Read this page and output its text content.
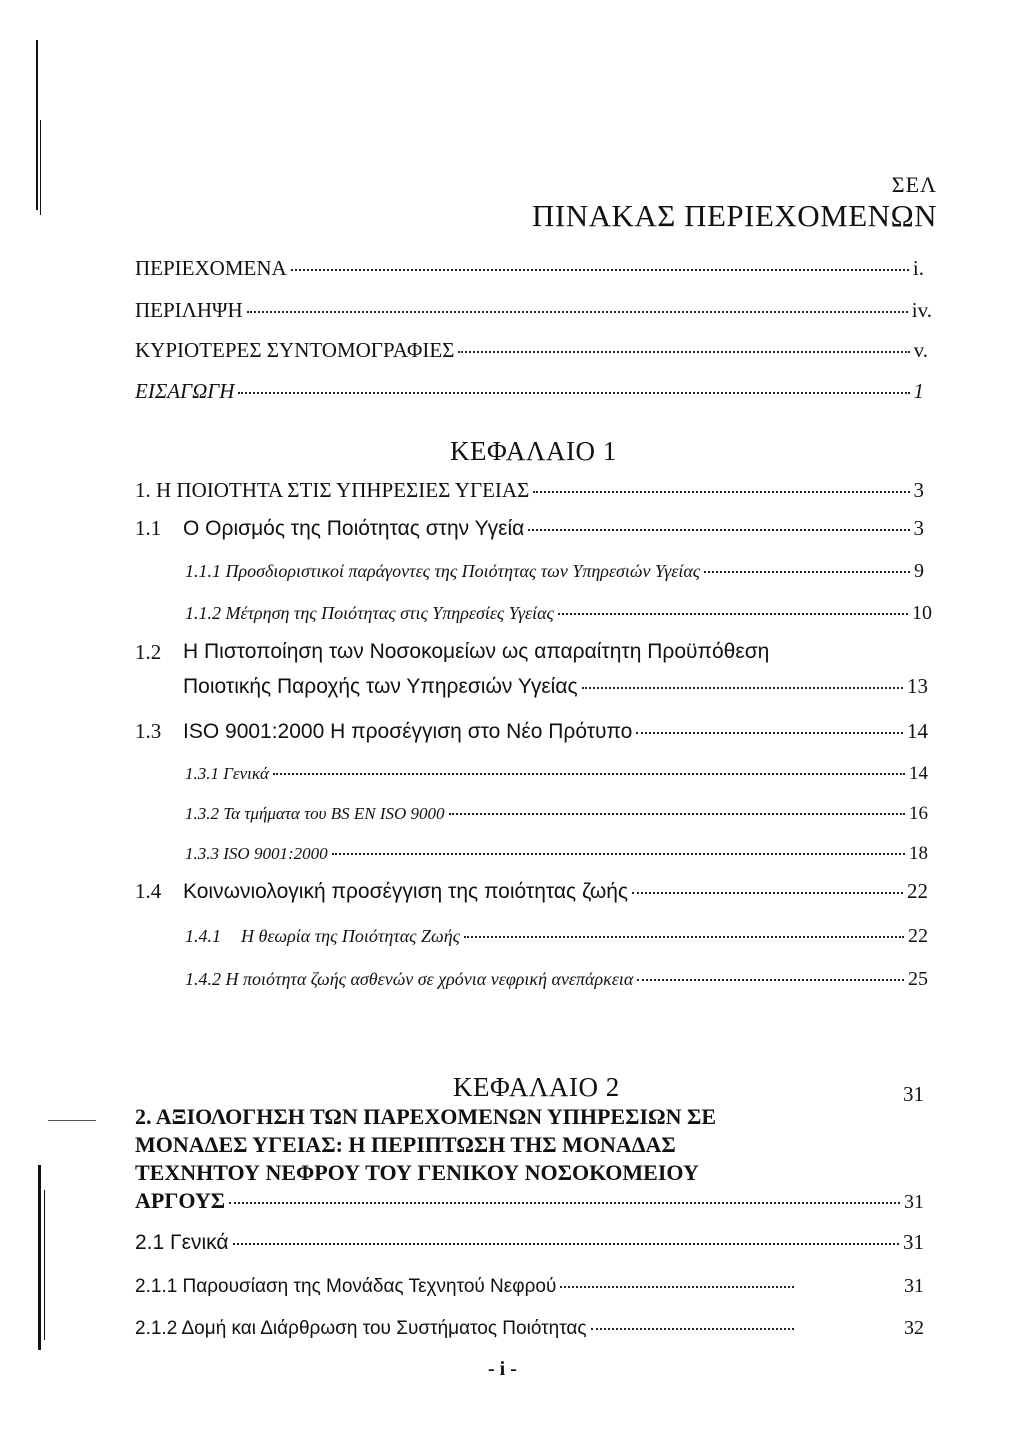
ΣΕΛ
ΠΙΝΑΚΑΣ ΠΕΡΙΕΧΟΜΕΝΩΝ
ΠΕΡΙΕΧΟΜΕΝΑ	i.
ΠΕΡΙΛΗΨΗ	iv.
ΚΥΡΙΟΤΕΡΕΣ ΣΥΝΤΟΜΟΓΡΑΦΙΕΣ	v.
ΕΙΣΑΓΩΓΗ	1
ΚΕΦΑΛΑΙΟ 1
1. Η ΠΟΙΟΤΗΤΑ ΣΤΙΣ ΥΠΗΡΕΣΙΕΣ ΥΓΕΙΑΣ	3
1.1	Ο Ορισμός της Ποιότητας στην Υγεία	3
1.1.1 Προσδιοριστικοί παράγοντες της Ποιότητας των Υπηρεσιών Υγείας	9
1.1.2 Μέτρηση της Ποιότητας στις Υπηρεσίες Υγείας	10
1.2 Η Πιστοποίηση των Νοσοκομείων ως απαραίτητη Προϋπόθεση
Ποιοτικής Παροχής των Υπηρεσιών Υγείας	13
1.3	ISO 9001:2000 Η προσέγγιση στο Νέο Πρότυπο	14
1.3.1 Γενικά	14
1.3.2 Τα τμήματα του BS EN ISO 9000	16
1.3.3 ISO 9001:2000	18
1.4	Κοινωνιολογική προσέγγιση της ποιότητας ζωής	22
1.4.1	Η θεωρία της Ποιότητας Ζωής	22
1.4.2 Η ποιότητα ζωής ασθενών σε χρόνια νεφρική ανεπάρκεια	25
ΚΕΦΑΛΑΙΟ 2	31
2. ΑΞΙΟΛΟΓΗΣΗ ΤΩΝ ΠΑΡΕΧΟΜΕΝΩΝ ΥΠΗΡΕΣΙΩΝ ΣΕ
ΜΟΝΑΔΕΣ ΥΓΕΙΑΣ: Η ΠΕΡΙΠΤΩΣΗ ΤΗΣ ΜΟΝΑΔΑΣ
ΤΕΧΝΗΤΟΥ ΝΕΦΡΟΥ ΤΟΥ ΓΕΝΙΚΟΥ ΝΟΣΟΚΟΜΕΙΟΥ
ΑΡΓΟΥΣ	31
2.1 Γενικά	31
2.1.1 Παρουσίαση της Μονάδας Τεχνητού Νεφρού	31
2.1.2 Δομή και Διάρθρωση του Συστήματος Ποιότητας	32
- i -
